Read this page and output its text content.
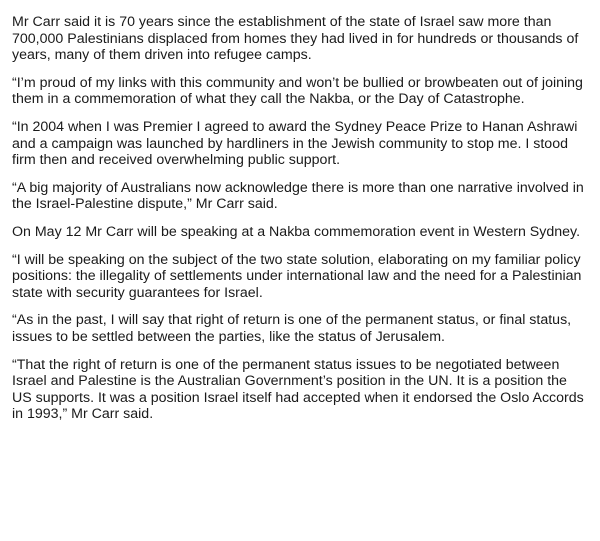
Mr Carr said it is 70 years since the establishment of the state of Israel saw more than 700,000 Palestinians displaced from homes they had lived in for hundreds or thousands of years, many of them driven into refugee camps.

“I’m proud of my links with this community and won’t be bullied or browbeaten out of joining them in a commemoration of what they call the Nakba, or the Day of Catastrophe.

“In 2004 when I was Premier I agreed to award the Sydney Peace Prize to Hanan Ashrawi and a campaign was launched by hardliners in the Jewish community to stop me. I stood firm then and received overwhelming public support.

“A big majority of Australians now acknowledge there is more than one narrative involved in the Israel-Palestine dispute,” Mr Carr said.

On May 12 Mr Carr will be speaking at a Nakba commemoration event in Western Sydney.

“I will be speaking on the subject of the two state solution, elaborating on my familiar policy positions: the illegality of settlements under international law and the need for a Palestinian state with security guarantees for Israel.

“As in the past, I will say that right of return is one of the permanent status, or final status, issues to be settled between the parties, like the status of Jerusalem.

“That the right of return is one of the permanent status issues to be negotiated between Israel and Palestine is the Australian Government’s position in the UN. It is a position the US supports. It was a position Israel itself had accepted when it endorsed the Oslo Accords in 1993,” Mr Carr said.
